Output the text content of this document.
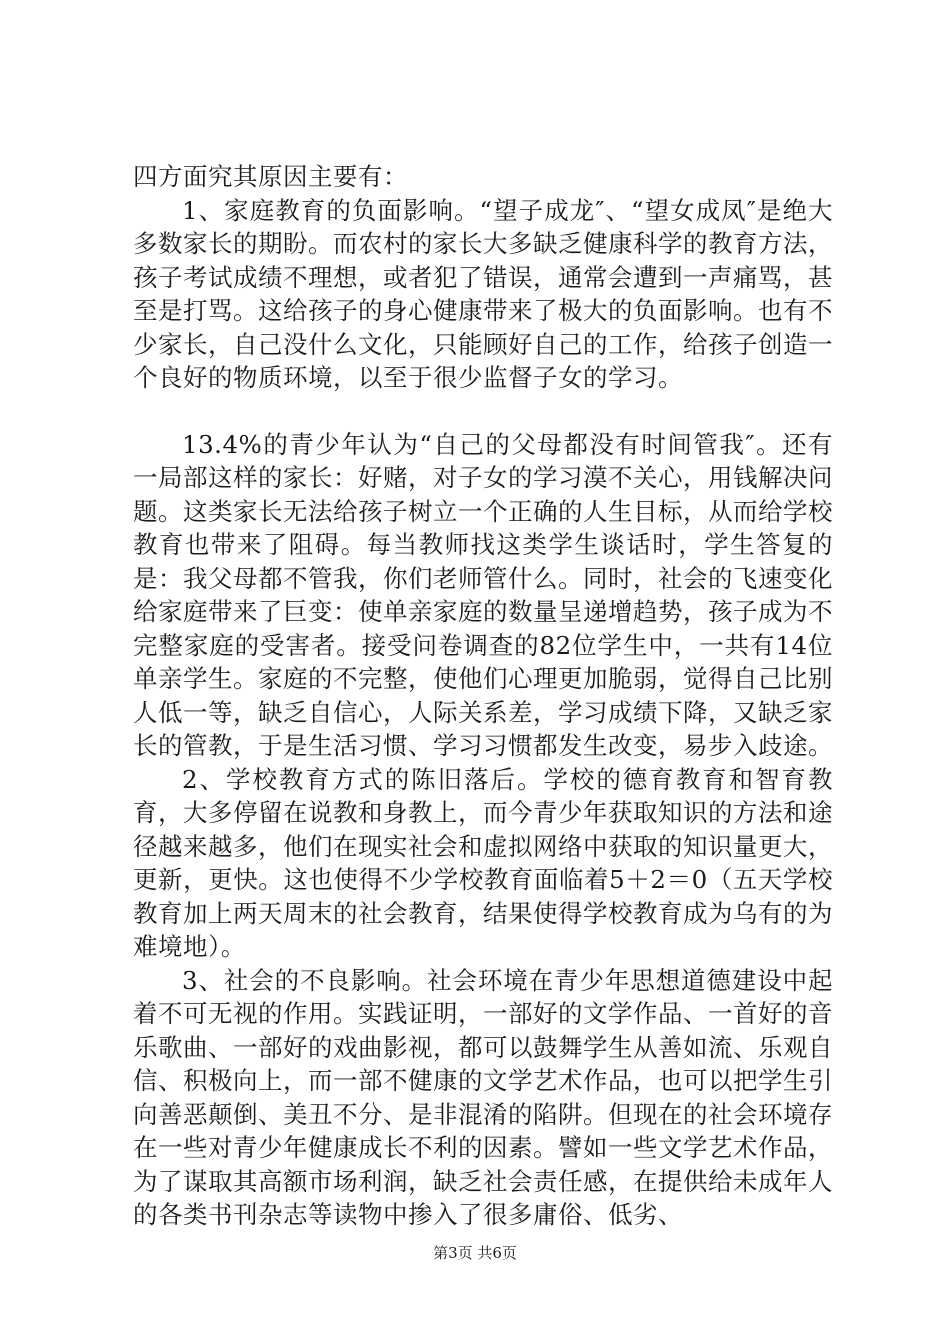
四方面究其原因主要有：

1、家庭教育的负面影响。“望子成龙″、“望女成凤″是绝大多数家长的期盼。而农村的家长大多缺乏健康科学的教育方法，孩子考试成绩不理想，或者犯了错误，通常会遭到一声痛骂，甚至是打骂。这给孩子的身心健康带来了极大的负面影响。也有不少家长，自己没什么文化，只能顾好自己的工作，给孩子创造一个良好的物质环境，以至于很少监督子女的学习。

13.4%的青少年认为“自己的父母都没有时间管我″。还有一局部这样的家长：好赌，对子女的学习漠不关心，用钱解决问题。这类家长无法给孩子树立一个正确的人生目标，从而给学校教育也带来了阻碍。每当教师找这类学生谈话时，学生答复的是：我父母都不管我，你们老师管什么。同时，社会的飞速变化给家庭带来了巨变：使单亲家庭的数量呈递增趋势，孩子成为不完整家庭的受害者。接受问卷调查的82位学生中，一共有14位单亲学生。家庭的不完整，使他们心理更加脆弱，觉得自己比别人低一等，缺乏自信心，人际关系差，学习成绩下降，又缺乏家长的管教，于是生活习惯、学习习惯都发生改变，易步入歧途。

2、学校教育方式的陈旧落后。学校的德育教育和智育教育，大多停留在说教和身教上，而今青少年获取知识的方法和途径越来越多，他们在现实社会和虚拟网络中获取的知识量更大，更新，更快。这也使得不少学校教育面临着5＋2＝0（五天学校教育加上两天周末的社会教育，结果使得学校教育成为乌有的为难境地）。

3、社会的不良影响。社会环境在青少年思想道德建设中起着不可无视的作用。实践证明，一部好的文学作品、一首好的音乐歌曲、一部好的戏曲影视，都可以鼓舞学生从善如流、乐观自信、积极向上，而一部不健康的文学艺术作品，也可以把学生引向善恶颠倒、美丑不分、是非混淆的陷阱。但现在的社会环境存在一些对青少年健康成长不利的因素。譬如一些文学艺术作品，为了谋取其高额市场利润，缺乏社会责任感，在提供给未成年人的各类书刊杂志等读物中掺入了很多庸俗、低劣、

第3页 共6页
